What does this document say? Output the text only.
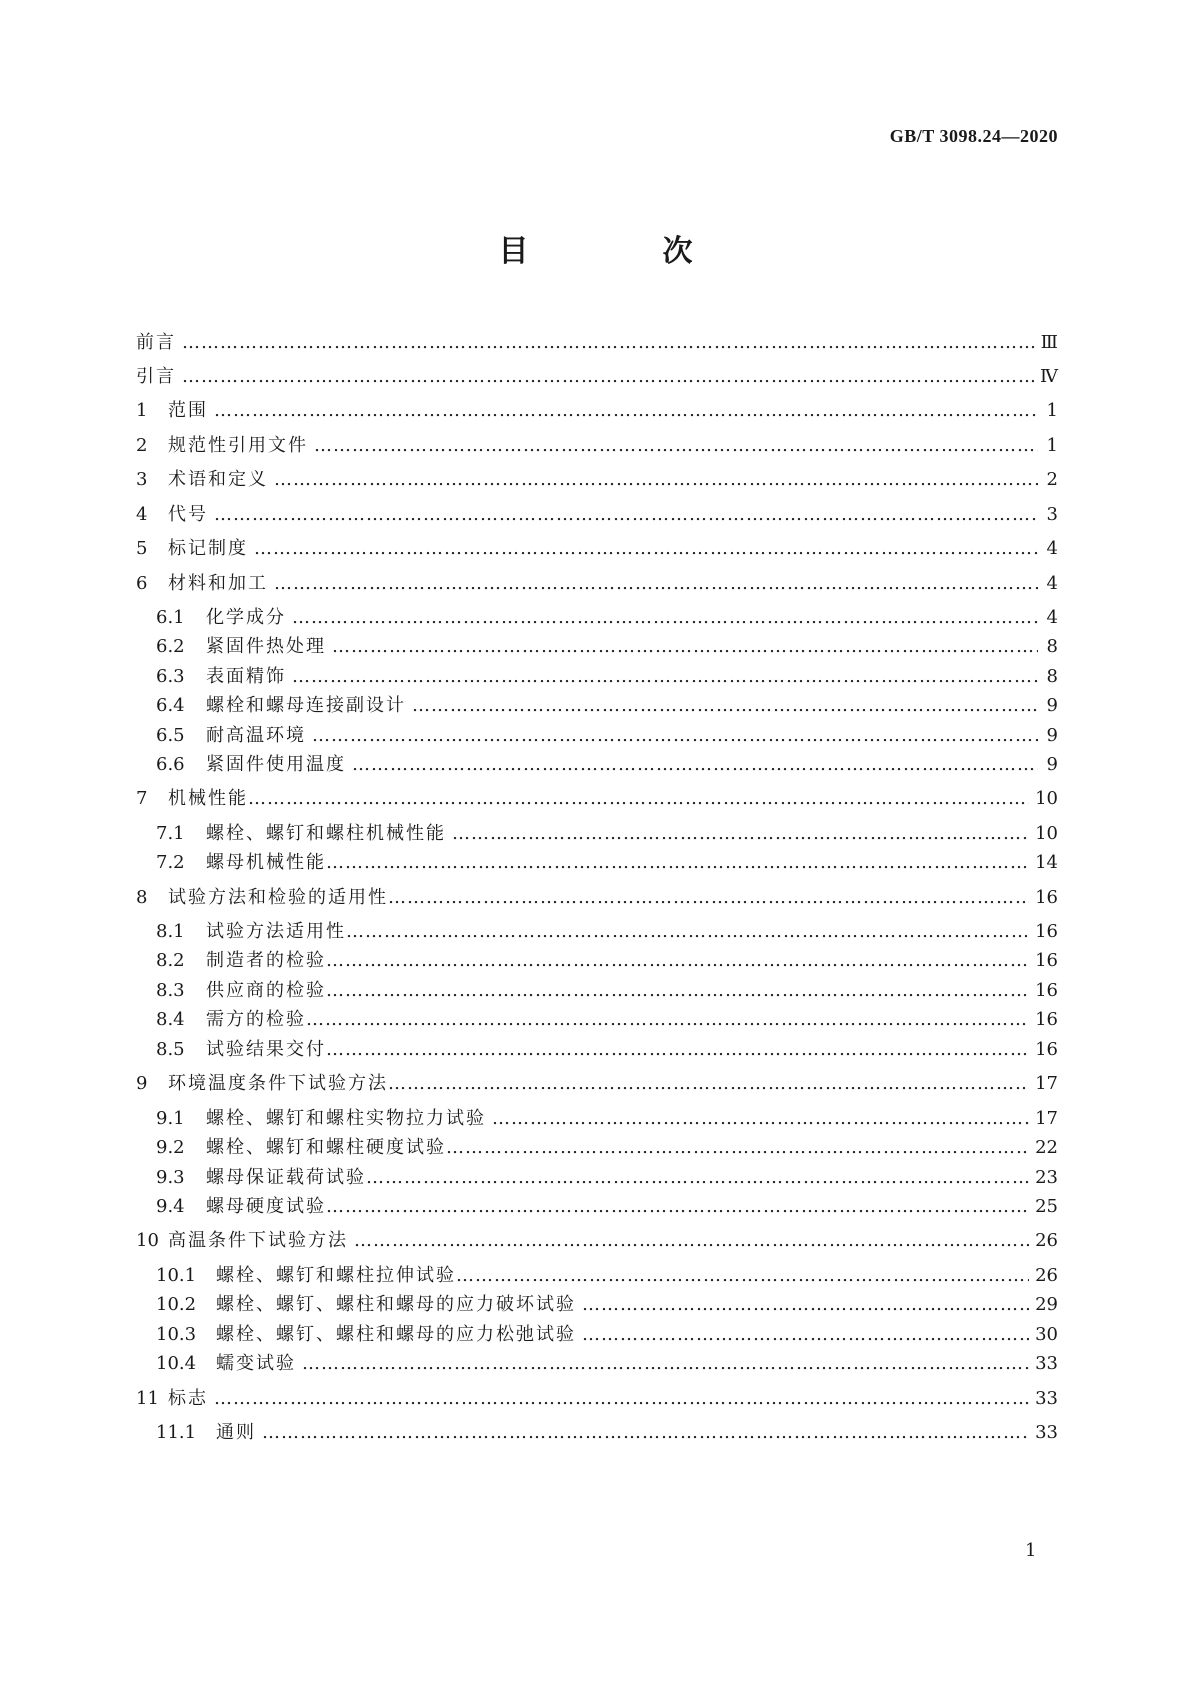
GB/T 3098.24—2020
目　次
前言 …………………………………………………………………………………………………………………………………………………………………………………………………………	Ⅲ
引言 …………………………………………………………………………………………………………………………………………………………………………………………………………	Ⅳ
1	范围 …………………………………………………………………………………………………………………………………………………………………………………………………………	1
2	规范性引用文件 …………………………………………………………………………………………………………………………………………………………………………………………………………	1
3	术语和定义 …………………………………………………………………………………………………………………………………………………………………………………………………………	2
4	代号 …………………………………………………………………………………………………………………………………………………………………………………………………………	3
5	标记制度 …………………………………………………………………………………………………………………………………………………………………………………………………………	4
6	材料和加工 …………………………………………………………………………………………………………………………………………………………………………………………………………	4
6.1	化学成分 …………………………………………………………………………………………………………………………………………………………………………………………………………	4
6.2	紧固件热处理 …………………………………………………………………………………………………………………………………………………………………………………………………………	8
6.3	表面精饰 …………………………………………………………………………………………………………………………………………………………………………………………………………	8
6.4	螺栓和螺母连接副设计 …………………………………………………………………………………………………………………………………………………………………………………………………………	9
6.5	耐高温环境 …………………………………………………………………………………………………………………………………………………………………………………………………………	9
6.6	紧固件使用温度 …………………………………………………………………………………………………………………………………………………………………………………………………………	9
7	机械性能 …………………………………………………………………………………………………………………………………………………………………………………………………………	10
7.1	螺栓、螺钉和螺柱机械性能 …………………………………………………………………………………………………………………………………………………………………………………………………………	10
7.2	螺母机械性能 …………………………………………………………………………………………………………………………………………………………………………………………………………	14
8	试验方法和检验的适用性 …………………………………………………………………………………………………………………………………………………………………………………………………………	16
8.1	试验方法适用性 …………………………………………………………………………………………………………………………………………………………………………………………………………	16
8.2	制造者的检验 …………………………………………………………………………………………………………………………………………………………………………………………………………	16
8.3	供应商的检验 …………………………………………………………………………………………………………………………………………………………………………………………………………	16
8.4	需方的检验 …………………………………………………………………………………………………………………………………………………………………………………………………………	16
8.5	试验结果交付 …………………………………………………………………………………………………………………………………………………………………………………………………………	16
9	环境温度条件下试验方法 …………………………………………………………………………………………………………………………………………………………………………………………………………	17
9.1	螺栓、螺钉和螺柱实物拉力试验 …………………………………………………………………………………………………………………………………………………………………………………………………………	17
9.2	螺栓、螺钉和螺柱硬度试验 …………………………………………………………………………………………………………………………………………………………………………………………………………	22
9.3	螺母保证载荷试验 …………………………………………………………………………………………………………………………………………………………………………………………………………	23
9.4	螺母硬度试验 …………………………………………………………………………………………………………………………………………………………………………………………………………	25
10 高温条件下试验方法 …………………………………………………………………………………………………………………………………………………………………………………………………………	26
10.1	螺栓、螺钉和螺柱拉伸试验 …………………………………………………………………………………………………………………………………………………………………………………………………………	26
10.2	螺栓、螺钉、螺柱和螺母的应力破坏试验 …………………………………………………………………………………………………………………………………………………………………………………………………………	29
10.3	螺栓、螺钉、螺柱和螺母的应力松弛试验 …………………………………………………………………………………………………………………………………………………………………………………………………………	30
10.4	蠕变试验 …………………………………………………………………………………………………………………………………………………………………………………………………………	33
11 标志 …………………………………………………………………………………………………………………………………………………………………………………………………………	33
11.1	通则 …………………………………………………………………………………………………………………………………………………………………………………………………………	33
1
